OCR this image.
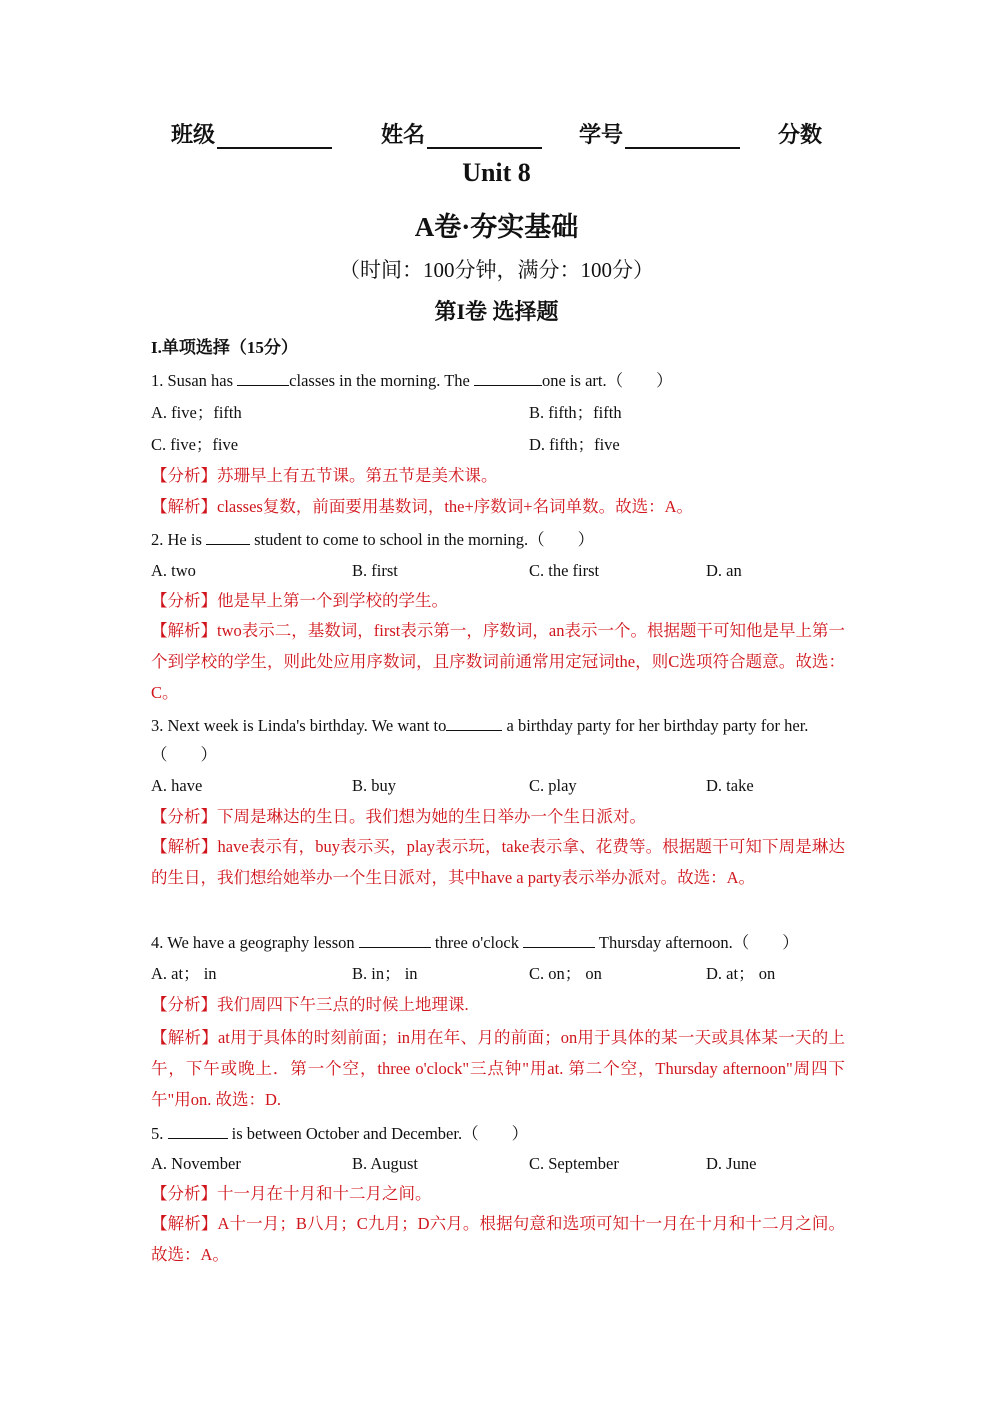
班级	姓名	学号	分数
Unit 8
A卷·夯实基础
（时间：100分钟，满分：100分）
第I卷 选择题
I.单项选择（15分）
1. Susan has	classes in the morning. The	one is art.（　　）
A. five；fifth	B. fifth；fifth
C. five；five	D. fifth；five
【分析】苏珊早上有五节课。第五节是美术课。
【解析】classes复数，前面要用基数词，the+序数词+名词单数。故选：A。
2. He is	student to come to school in the morning.（　　）
A. two	B. first	C. the first	D. an
【分析】他是早上第一个到学校的学生。
【解析】two表示二，基数词，first表示第一，序数词，an表示一个。根据题干可知他是早上第一个到学校的学生，则此处应用序数词，且序数词前通常用定冠词the，则C选项符合题意。故选：C。
3. Next week is Linda's birthday. We want to	a birthday party for her birthday party for her.
（　　）
A. have	B. buy	C. play	D. take
【分析】下周是琳达的生日。我们想为她的生日举办一个生日派对。
【解析】have表示有，buy表示买，play表示玩，take表示拿、花费等。根据题干可知下周是琳达的生日，我们想给她举办一个生日派对，其中have a party表示举办派对。故选：A。
4. We have a geography lesson	three o'clock	Thursday afternoon.（　　）
A. at； in	B. in； in	C. on； on	D. at； on
【分析】我们周四下午三点的时候上地理课.
【解析】at用于具体的时刻前面；in用在年、月的前面；on用于具体的某一天或具体某一天的上午，下午或晚上．第一个空，three o'clock"三点钟"用at. 第二个空，Thursday afternoon"周四下午"用on. 故选：D.
5.	is between October and December.（　　）
A. November	B. August	C. September	D. June
【分析】十一月在十月和十二月之间。
【解析】A十一月；B八月；C九月；D六月。根据句意和选项可知十一月在十月和十二月之间。故选：A。
